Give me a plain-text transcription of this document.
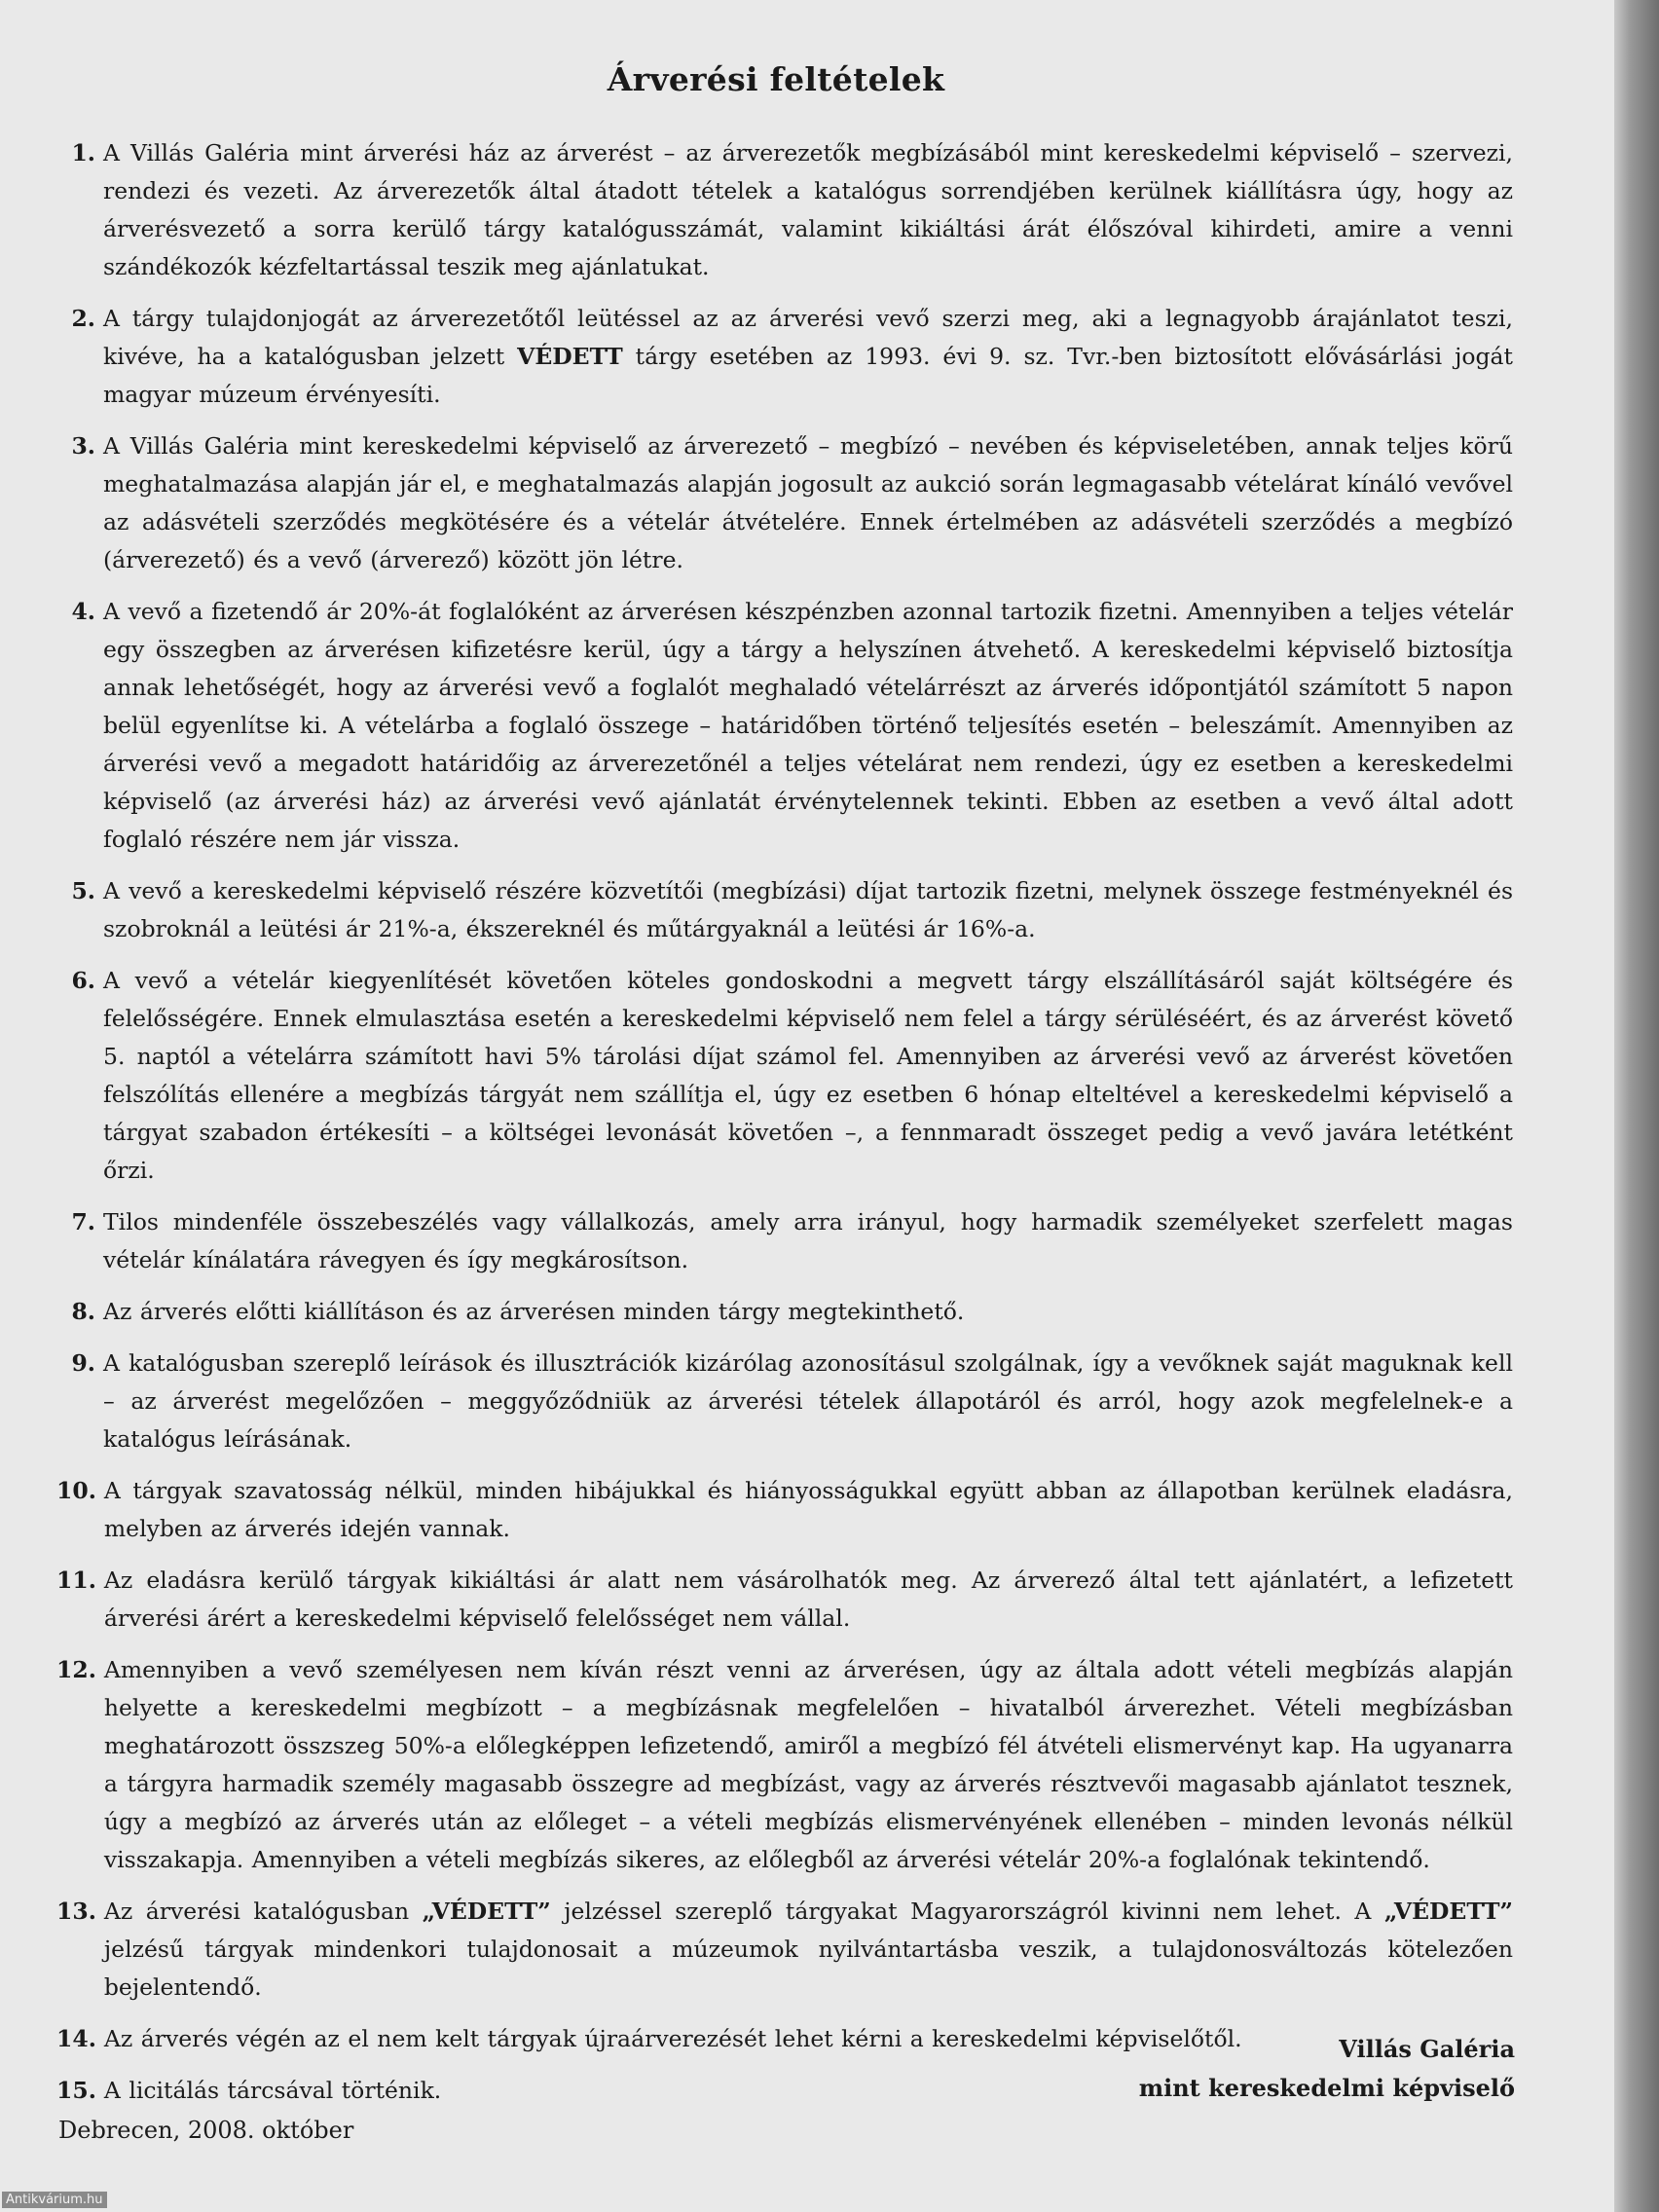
Árverési feltételek
1. A Villás Galéria mint árverési ház az árverést – az árverezetők megbízásából mint kereskedelmi képviselő – szervezi, rendezi és vezeti. Az árverezetők által átadott tételek a katalógus sorrendjében kerülnek kiállításra úgy, hogy az árverésvezető a sorra kerülő tárgy katalógusszámát, valamint kikiáltási árát élőszóval kihirdeti, amire a venni szándékozók kézfeltartással teszik meg ajánlatukat.
2. A tárgy tulajdonjogát az árverezetőtől leütéssel az az árverési vevő szerzi meg, aki a legnagyobb árajánlatot teszi, kivéve, ha a katalógusban jelzett VÉDETT tárgy esetében az 1993. évi 9. sz. Tvr.-ben biztosított elővásárlási jogát magyar múzeum érvényesíti.
3. A Villás Galéria mint kereskedelmi képviselő az árverezető – megbízó – nevében és képviseletében, annak teljes körű meghatalmazása alapján jár el, e meghatalmazás alapján jogosult az aukció során legmagasabb vételárat kínáló vevővel az adásvételi szerződés megkötésére és a vételár átvételére. Ennek értelmében az adásvételi szerződés a megbízó (árverezető) és a vevő (árverező) között jön létre.
4. A vevő a fizetendő ár 20%-át foglalóként az árverésen készpénzben azonnal tartozik fizetni. Amennyiben a teljes vételár egy összegben az árverésen kifizetésre kerül, úgy a tárgy a helyszínen átvehető. A kereskedelmi képviselő biztosítja annak lehetőségét, hogy az árverési vevő a foglalót meghaladó vételárrészt az árverés időpontjától számított 5 napon belül egyenlítse ki. A vételárba a foglaló összege – határidőben történő teljesítés esetén – beleszámít. Amennyiben az árverési vevő a megadott határidőig az árverezetőnél a teljes vételárat nem rendezi, úgy ez esetben a kereskedelmi képviselő (az árverési ház) az árverési vevő ajánlatát érvénytelennek tekinti. Ebben az esetben a vevő által adott foglaló részére nem jár vissza.
5. A vevő a kereskedelmi képviselő részére közvetítői (megbízási) díjat tartozik fizetni, melynek összege festményeknél és szobroknál a leütési ár 21%-a, ékszereknél és műtárgyaknál a leütési ár 16%-a.
6. A vevő a vételár kiegyenlítését követően köteles gondoskodni a megvett tárgy elszállításáról saját költségére és felelősségére. Ennek elmulasztása esetén a kereskedelmi képviselő nem felel a tárgy sérüléséért, és az árverést követő 5. naptól a vételárra számított havi 5% tárolási díjat számol fel. Amennyiben az árverési vevő az árverést követően felszólítás ellenére a megbízás tárgyát nem szállítja el, úgy ez esetben 6 hónap elteltével a kereskedelmi képviselő a tárgyat szabadon értékesíti – a költségei levonását követően –, a fennmaradt összeget pedig a vevő javára letétként őrzi.
7. Tilos mindenféle összebeszélés vagy vállalkozás, amely arra irányul, hogy harmadik személyeket szerfelett magas vételár kínálatára rávegyen és így megkárosítson.
8. Az árverés előtti kiállításon és az árverésen minden tárgy megtekinthető.
9. A katalógusban szereplő leírások és illusztrációk kizárólag azonosításul szolgálnak, így a vevőknek saját maguknak kell – az árverést megelőzően – meggyőződniük az árverési tételek állapotáról és arról, hogy azok megfelelnek-e a katalógus leírásának.
10. A tárgyak szavatosság nélkül, minden hibájukkal és hiányosságukkal együtt abban az állapotban kerülnek eladásra, melyben az árverés idején vannak.
11. Az eladásra kerülő tárgyak kikiáltási ár alatt nem vásárolhatók meg. Az árverező által tett ajánlatért, a lefizetett árverési árért a kereskedelmi képviselő felelősséget nem vállal.
12. Amennyiben a vevő személyesen nem kíván részt venni az árverésen, úgy az általa adott vételi megbízás alapján helyette a kereskedelmi megbízott – a megbízásnak megfelelően – hivatalból árverezhet. Vételi megbízásban meghatározott összszeg 50%-a előlegképpen lefizetendő, amiről a megbízó fél átvételi elismervényt kap. Ha ugyanarra a tárgyra harmadik személy magasabb összegre ad megbízást, vagy az árverés résztvevői magasabb ajánlatot tesznek, úgy a megbízó az árverés után az előleget – a vételi megbízás elismervényének ellenében – minden levonás nélkül visszakapja. Amennyiben a vételi megbízás sikeres, az előlegből az árverési vételár 20%-a foglalónak tekintendő.
13. Az árverési katalógusban „VÉDETT” jelzéssel szereplő tárgyakat Magyarországról kivinni nem lehet. A „VÉDETT” jelzésű tárgyak mindenkori tulajdonosait a múzeumok nyilvántartásba veszik, a tulajdonosváltozás kötelezően bejelentendő.
14. Az árverés végén az el nem kelt tárgyak újraárverezését lehet kérni a kereskedelmi képviselőtől.
15. A licitálás tárcsával történik.
Villás Galéria
mint kereskedelmi képviselő
Debrecen, 2008. október
Antikvárium.hu
